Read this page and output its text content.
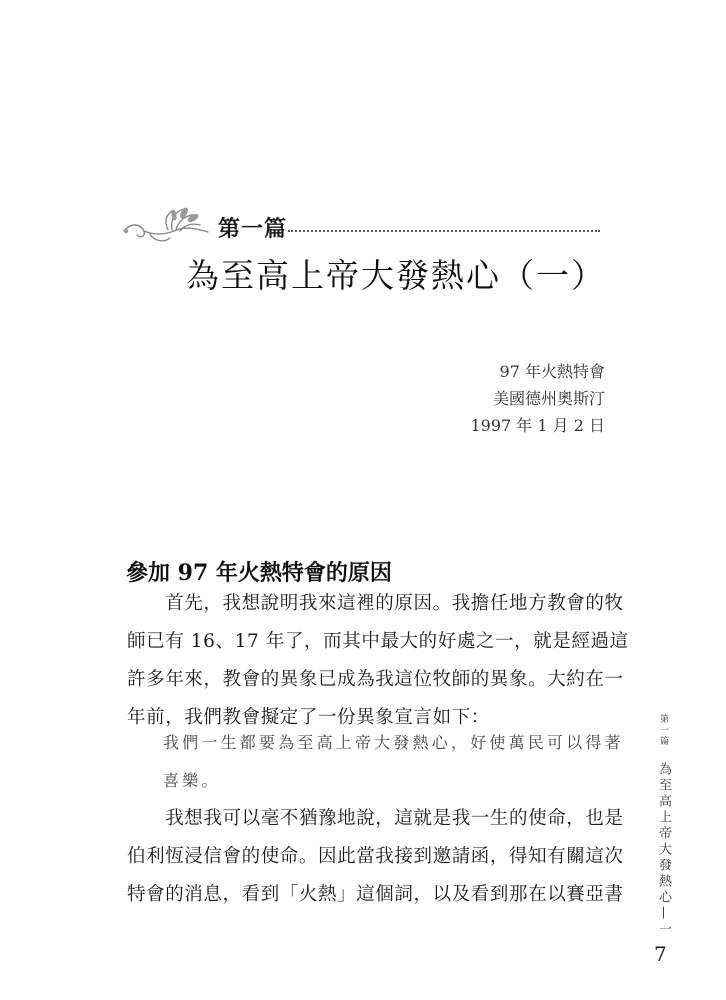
第一篇
為至高上帝大發熱心（一）
97 年火熱特會
美國德州奧斯汀
1997 年 1 月 2 日
參加 97 年火熱特會的原因
　　首先，我想說明我來這裡的原因。我擔任地方教會的牧
師已有 16、17 年了，而其中最大的好處之一，就是經過這
許多年來，教會的異象已成為我這位牧師的異象。大約在一
年前，我們教會擬定了一份異象宣言如下：
我們一生都要為至高上帝大發熱心，好使萬民可以得著
喜樂。
　　我想我可以毫不猶豫地說，這就是我一生的使命，也是
伯利恆浸信會的使命。因此當我接到邀請函，得知有關這次
特會的消息，看到「火熱」這個詞，以及看到那在以賽亞書
第一篇 為至高上帝大發熱心—一
7
